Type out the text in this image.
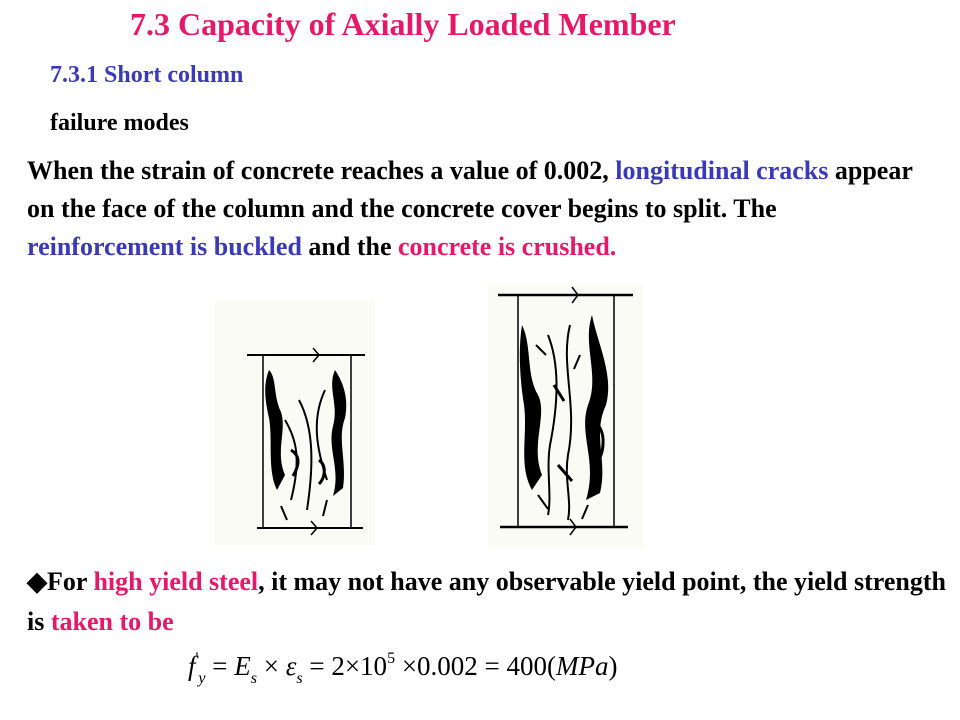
7.3 Capacity of Axially Loaded Member
7.3.1 Short column
failure modes
When the strain of concrete reaches a value of 0.002, longitudinal cracks appear on the face of the column and the concrete cover begins to split. The reinforcement is buckled and the concrete is crushed.
◆For high yield steel, it may not have any observable yield point, the yield strength is taken to be
$f'_y = E_s \times \varepsilon_s = 2\times 10^5 \times 0.002 = 400(MPa)$
